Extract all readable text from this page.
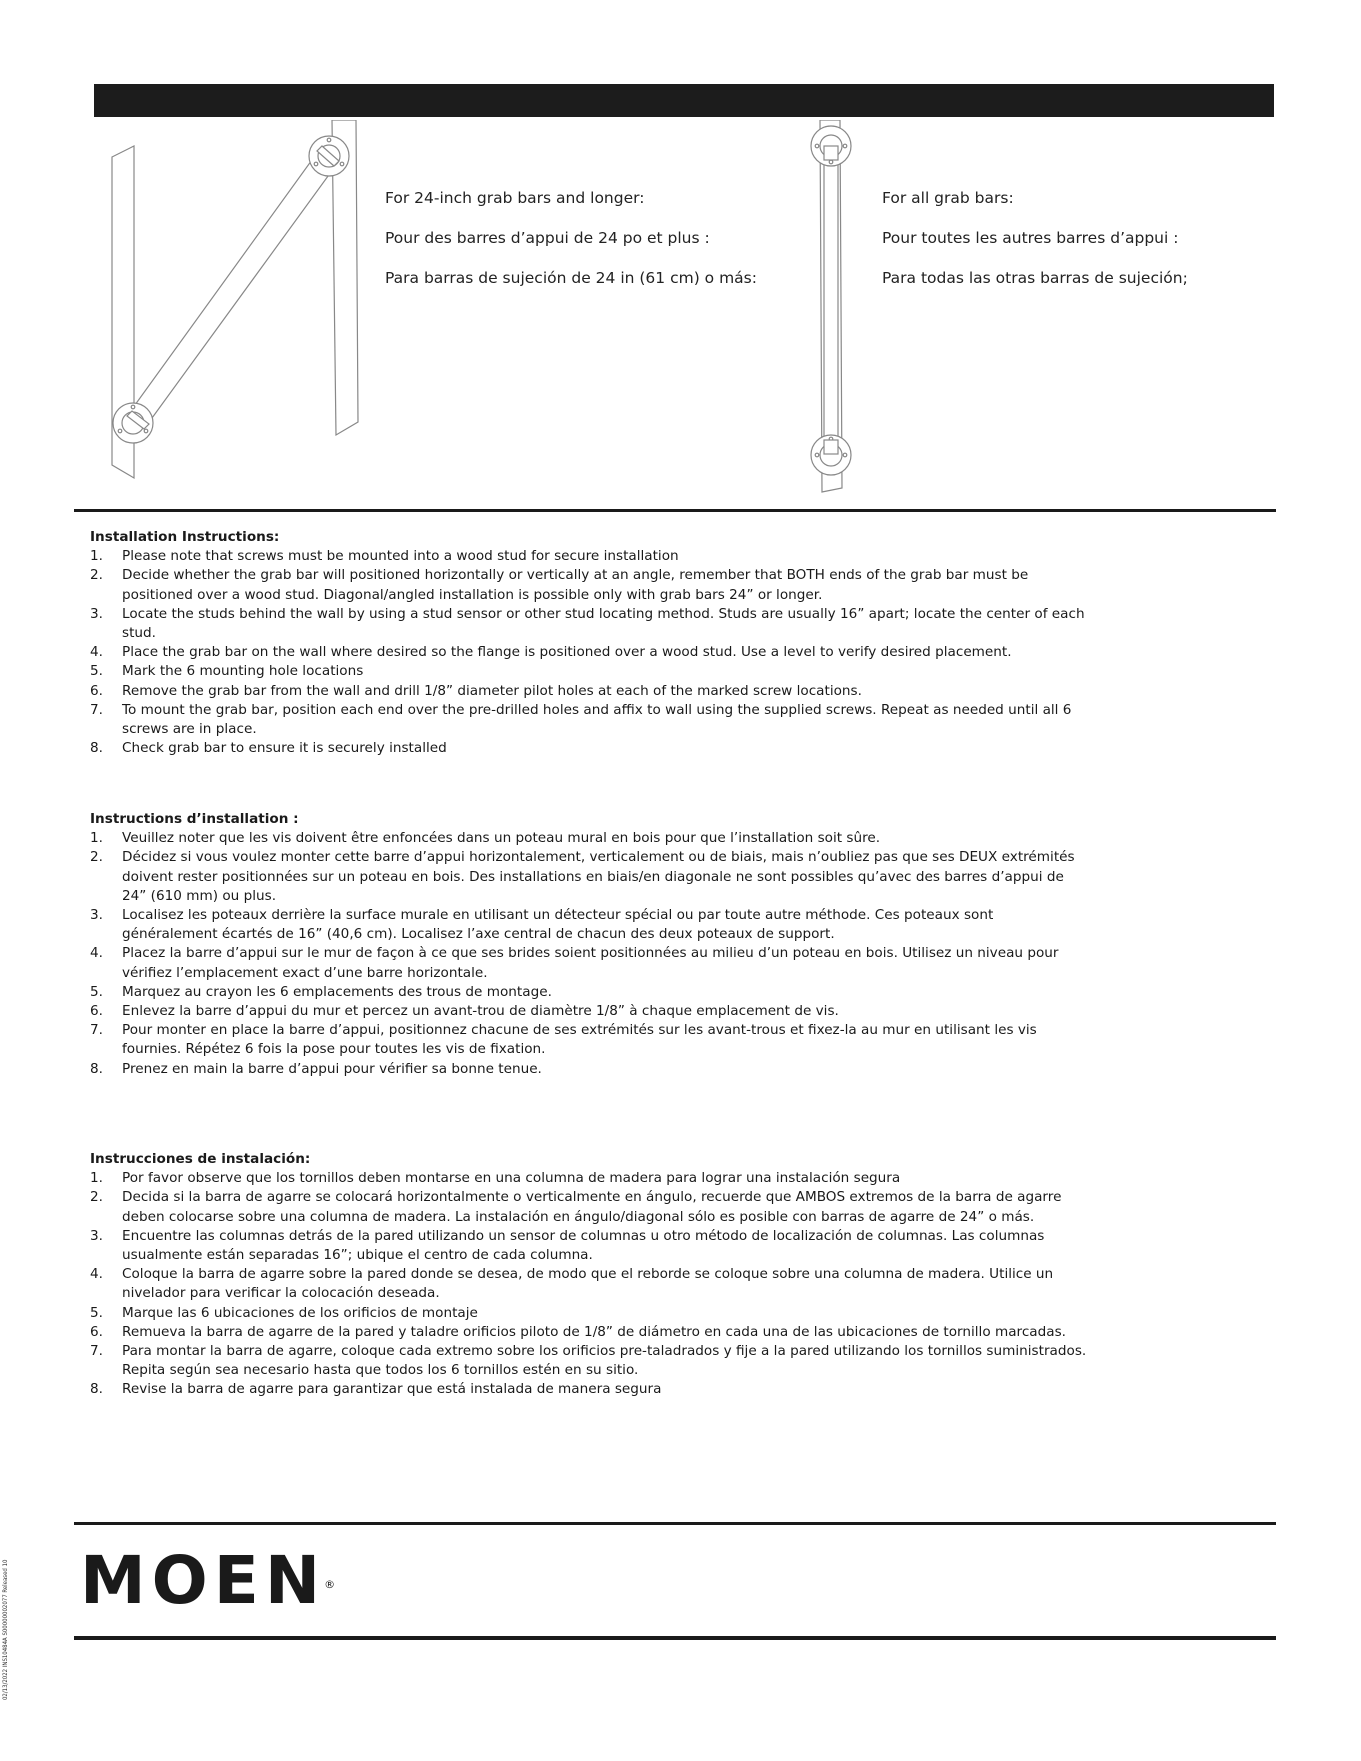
For 24-inch grab bars and longer:
Pour des barres d’appui de 24 po et plus :
Para barras de sujeción de 24 in (61 cm) o más:
For all grab bars:
Pour toutes les autres barres d’appui :
Para todas las otras barras de sujeción;
Installation Instructions:
1. Please note that screws must be mounted into a wood stud for secure installation
2. Decide whether the grab bar will positioned horizontally or vertically at an angle, remember that BOTH ends of the grab bar must be positioned over a wood stud. Diagonal/angled installation is possible only with grab bars 24” or longer.
3. Locate the studs behind the wall by using a stud sensor or other stud locating method. Studs are usually 16” apart; locate the center of each stud.
4. Place the grab bar on the wall where desired so the flange is positioned over a wood stud. Use a level to verify desired placement.
5. Mark the 6 mounting hole locations
6. Remove the grab bar from the wall and drill 1/8” diameter pilot holes at each of the marked screw locations.
7. To mount the grab bar, position each end over the pre-drilled holes and affix to wall using the supplied screws. Repeat as needed until all 6 screws are in place.
8. Check grab bar to ensure it is securely installed
Instructions d’installation :
1. Veuillez noter que les vis doivent être enfoncées dans un poteau mural en bois pour que l’installation soit sûre.
2. Décidez si vous voulez monter cette barre d’appui horizontalement, verticalement ou de biais, mais n’oubliez pas que ses DEUX extrémités doivent rester positionnées sur un poteau en bois. Des installations en biais/en diagonale ne sont possibles qu’avec des barres d’appui de 24” (610 mm) ou plus.
3. Localisez les poteaux derrière la surface murale en utilisant un détecteur spécial ou par toute autre méthode. Ces poteaux sont généralement écartés de 16” (40,6 cm). Localisez l’axe central de chacun des deux poteaux de support.
4. Placez la barre d’appui sur le mur de façon à ce que ses brides soient positionnées au milieu d’un poteau en bois. Utilisez un niveau pour vérifiez l’emplacement exact d’une barre horizontale.
5. Marquez au crayon les 6 emplacements des trous de montage.
6. Enlevez la barre d’appui du mur et percez un avant-trou de diamètre 1/8” à chaque emplacement de vis.
7. Pour monter en place la barre d’appui, positionnez chacune de ses extrémités sur les avant-trous et fixez-la au mur en utilisant les vis fournies. Répétez 6 fois la pose pour toutes les vis de fixation.
8. Prenez en main la barre d’appui pour vérifier sa bonne tenue.
Instrucciones de instalación:
1. Por favor observe que los tornillos deben montarse en una columna de madera para lograr una instalación segura
2. Decida si la barra de agarre se colocará horizontalmente o verticalmente en ángulo, recuerde que AMBOS extremos de la barra de agarre deben colocarse sobre una columna de madera. La instalación en ángulo/diagonal sólo es posible con barras de agarre de 24” o más.
3. Encuentre las columnas detrás de la pared utilizando un sensor de columnas u otro método de localización de columnas. Las columnas usualmente están separadas 16”; ubique el centro de cada columna.
4. Coloque la barra de agarre sobre la pared donde se desea, de modo que el reborde se coloque sobre una columna de madera. Utilice un nivelador para verificar la colocación deseada.
5. Marque las 6 ubicaciones de los orificios de montaje
6. Remueva la barra de agarre de la pared y taladre orificios piloto de 1/8” de diámetro en cada una de las ubicaciones de tornillo marcadas.
7. Para montar la barra de agarre, coloque cada extremo sobre los orificios pre-taladrados y fije a la pared utilizando los tornillos suministrados. Repita según sea necesario hasta que todos los 6 tornillos estén en su sitio.
8. Revise la barra de agarre para garantizar que está instalada de manera segura
MOEN®
02/13/2022 INS10484A S00000002077 Released 10
